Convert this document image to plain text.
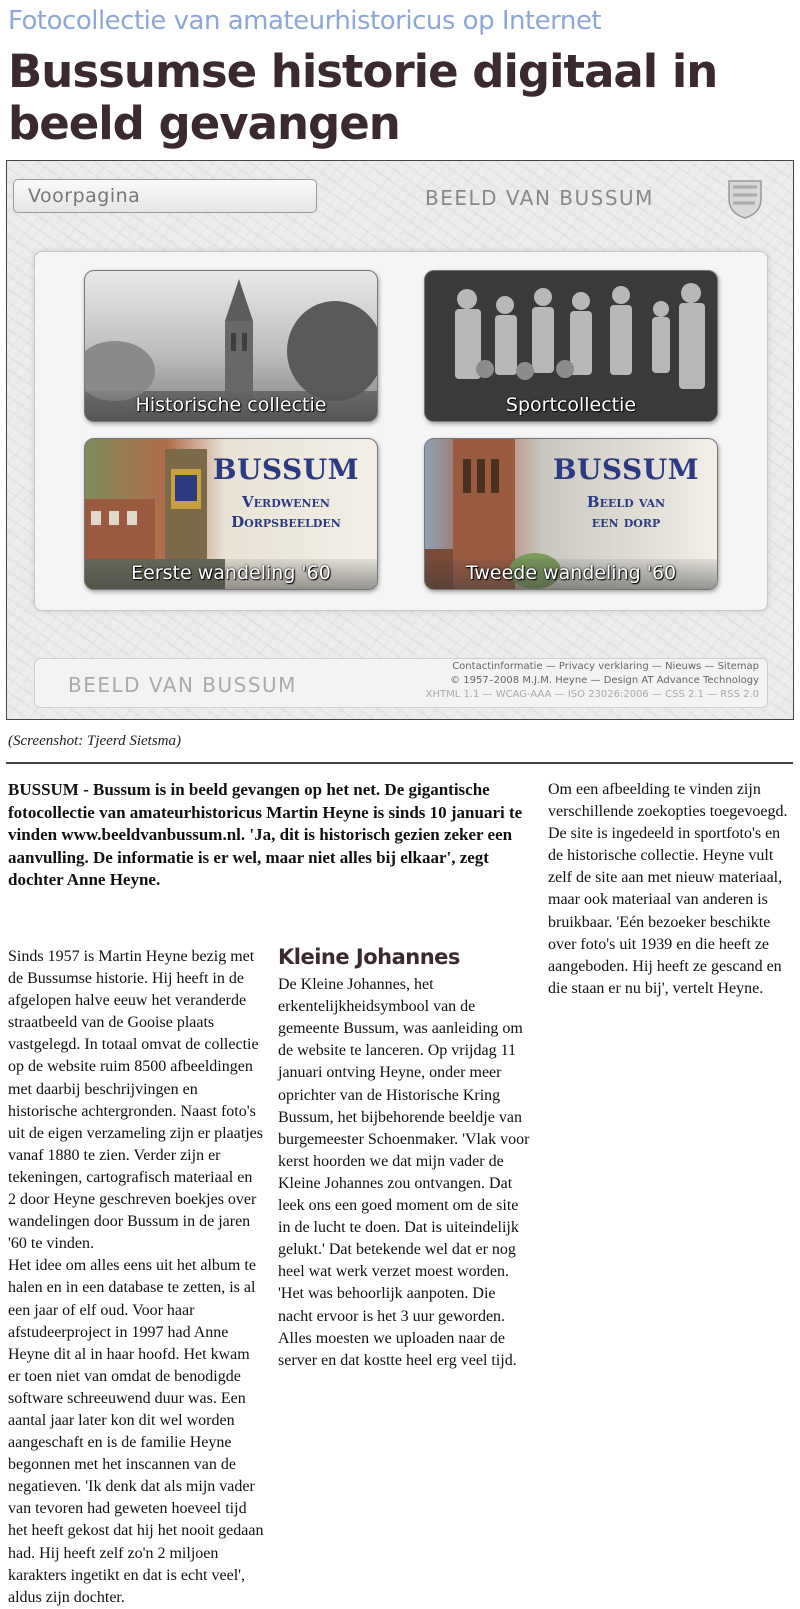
Fotocollectie van amateurhistoricus op Internet
Bussumse historie digitaal in beeld gevangen
Voorpagina	BEELD VAN BUSSUM
Historische collectie	Sportcollectie
BUSSUM
Verdwenen
Dorpsbeelden
Eerste wandeling '60
BUSSUM
Beeld van
een dorp
Tweede wandeling '60
BEELD VAN BUSSUM
Contactinformatie — Privacy verklaring — Nieuws — Sitemap
© 1957–2008 M.J.M. Heyne — Design AT Advance Technology
XHTML 1.1 — WCAG-AAA — ISO 23026:2006 — CSS 2.1 — RSS 2.0
(Screenshot: Tjeerd Sietsma)
BUSSUM - Bussum is in beeld gevangen op het net. De gigantische fotocollectie van amateurhistoricus Martin Heyne is sinds 10 januari te vinden www.beeldvanbussum.nl. 'Ja, dit is historisch gezien zeker een aanvulling. De informatie is er wel, maar niet alles bij elkaar', zegt dochter Anne Heyne.

Sinds 1957 is Martin Heyne bezig met de Bussumse historie. Hij heeft in de afgelopen halve eeuw het veranderde straatbeeld van de Gooise plaats vastgelegd. In totaal omvat de collectie op de website ruim 8500 afbeeldingen met daarbij beschrijvingen en historische achtergronden. Naast foto's uit de eigen verzameling zijn er plaatjes vanaf 1880 te zien. Verder zijn er tekeningen, cartografisch materiaal en 2 door Heyne geschreven boekjes over wandelingen door Bussum in de jaren '60 te vinden.

Het idee om alles eens uit het album te halen en in een database te zetten, is al een jaar of elf oud. Voor haar afstudeerproject in 1997 had Anne Heyne dit al in haar hoofd. Het kwam er toen niet van omdat de benodigde software schreeuwend duur was. Een aantal jaar later kon dit wel worden aangeschaft en is de familie Heyne begonnen met het inscannen van de negatieven. 'Ik denk dat als mijn vader van tevoren had geweten hoeveel tijd het heeft gekost dat hij het nooit gedaan had. Hij heeft zelf zo'n 2 miljoen karakters ingetikt en dat is echt veel', aldus zijn dochter.

Kleine Johannes

De Kleine Johannes, het erkentelijkheidsymbool van de gemeente Bussum, was aanleiding om de website te lanceren. Op vrijdag 11 januari ontving Heyne, onder meer oprichter van de Historische Kring Bussum, het bijbehorende beeldje van burgemeester Schoenmaker. 'Vlak voor kerst hoorden we dat mijn vader de Kleine Johannes zou ontvangen. Dat leek ons een goed moment om de site in de lucht te doen. Dat is uiteindelijk gelukt.' Dat betekende wel dat er nog heel wat werk verzet moest worden. 'Het was behoorlijk aanpoten. Die nacht ervoor is het 3 uur geworden. Alles moesten we uploaden naar de server en dat kostte heel erg veel tijd.

Om een afbeelding te vinden zijn verschillende zoekopties toegevoegd. De site is ingedeeld in sportfoto's en de historische collectie. Heyne vult zelf de site aan met nieuw materiaal, maar ook materiaal van anderen is bruikbaar. 'Eén bezoeker beschikte over foto's uit 1939 en die heeft ze aangeboden. Hij heeft ze gescand en die staan er nu bij', vertelt Heyne.
